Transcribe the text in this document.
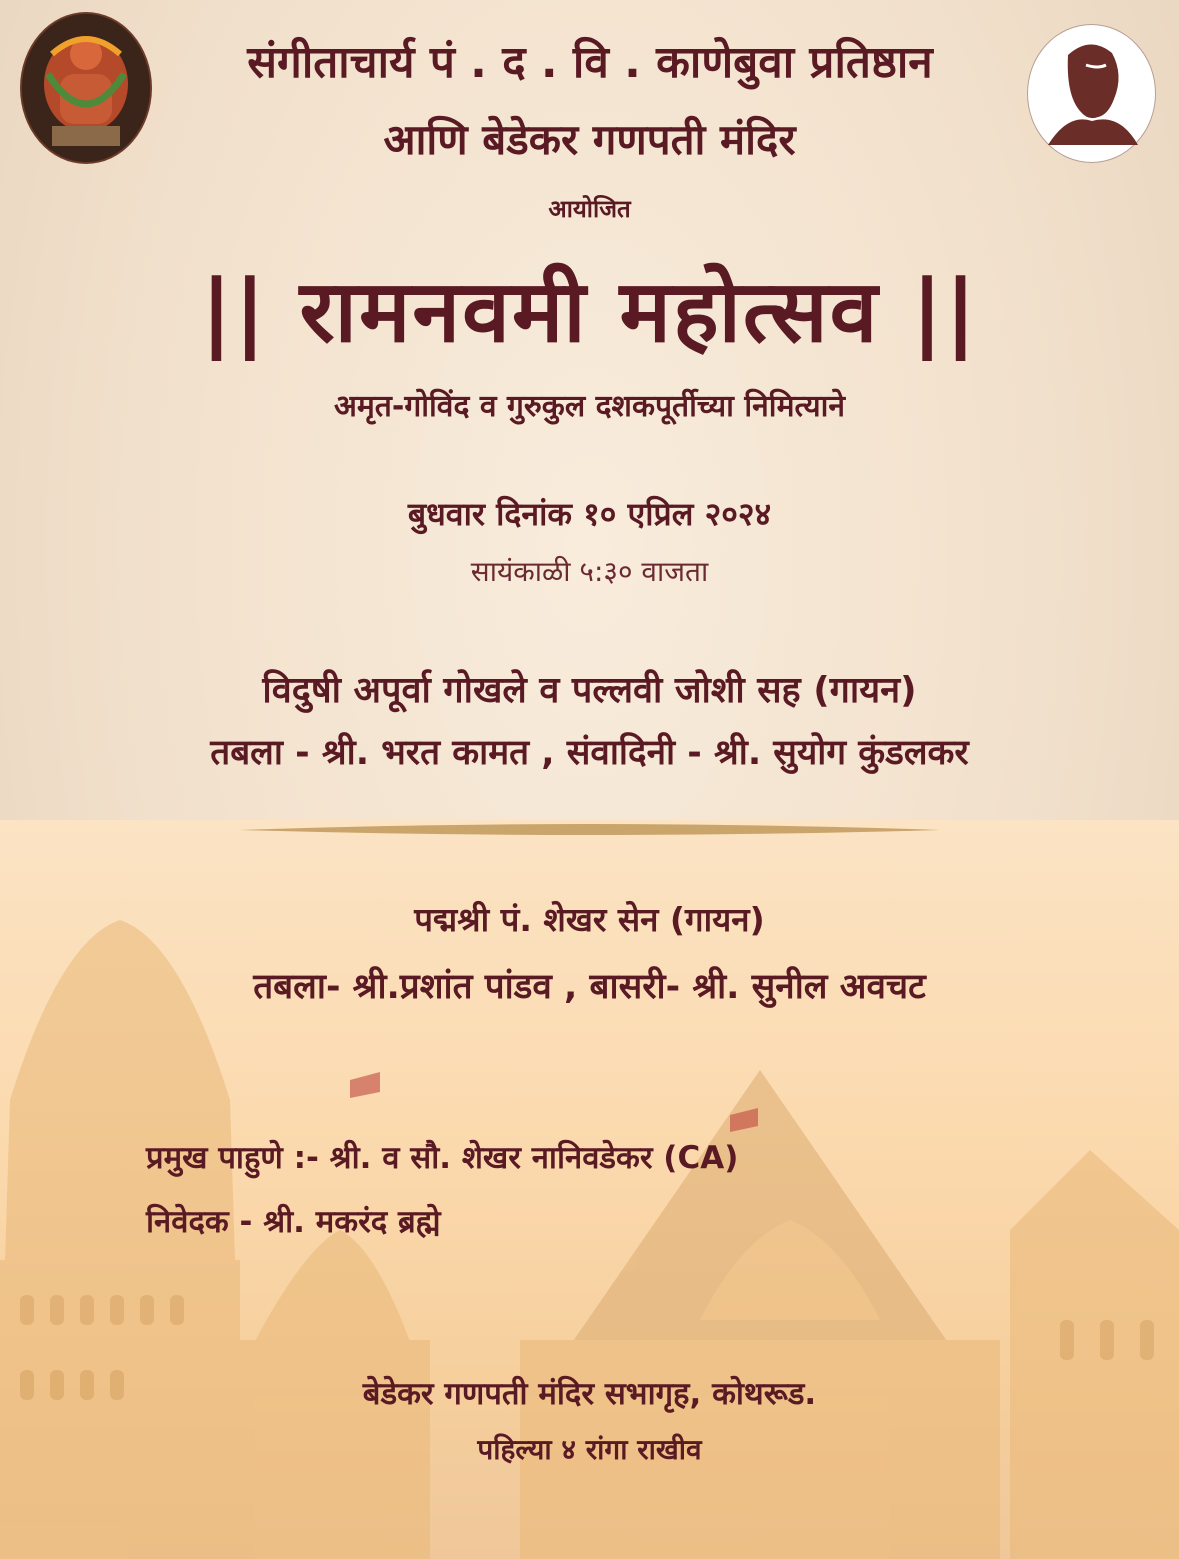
संगीताचार्य पं . द . वि . काणेबुवा प्रतिष्ठान
आणि बेडेकर गणपती मंदिर
आयोजित
|| रामनवमी महोत्सव ||
अमृत-गोविंद व गुरुकुल दशकपूर्तीच्या निमित्याने
बुधवार दिनांक १० एप्रिल २०२४
सायंकाळी ५:३० वाजता
विदुषी अपूर्वा गोखले व पल्लवी जोशी सह (गायन)
तबला - श्री. भरत कामत , संवादिनी - श्री. सुयोग कुंडलकर
पद्मश्री पं. शेखर सेन (गायन)
तबला- श्री.प्रशांत पांडव , बासरी- श्री. सुनील अवचट
प्रमुख पाहुणे :- श्री. व सौ. शेखर नानिवडेकर (CA)
निवेदक - श्री. मकरंद ब्रह्मे
बेडेकर गणपती मंदिर सभागृह, कोथरूड.
पहिल्या ४ रांगा राखीव
